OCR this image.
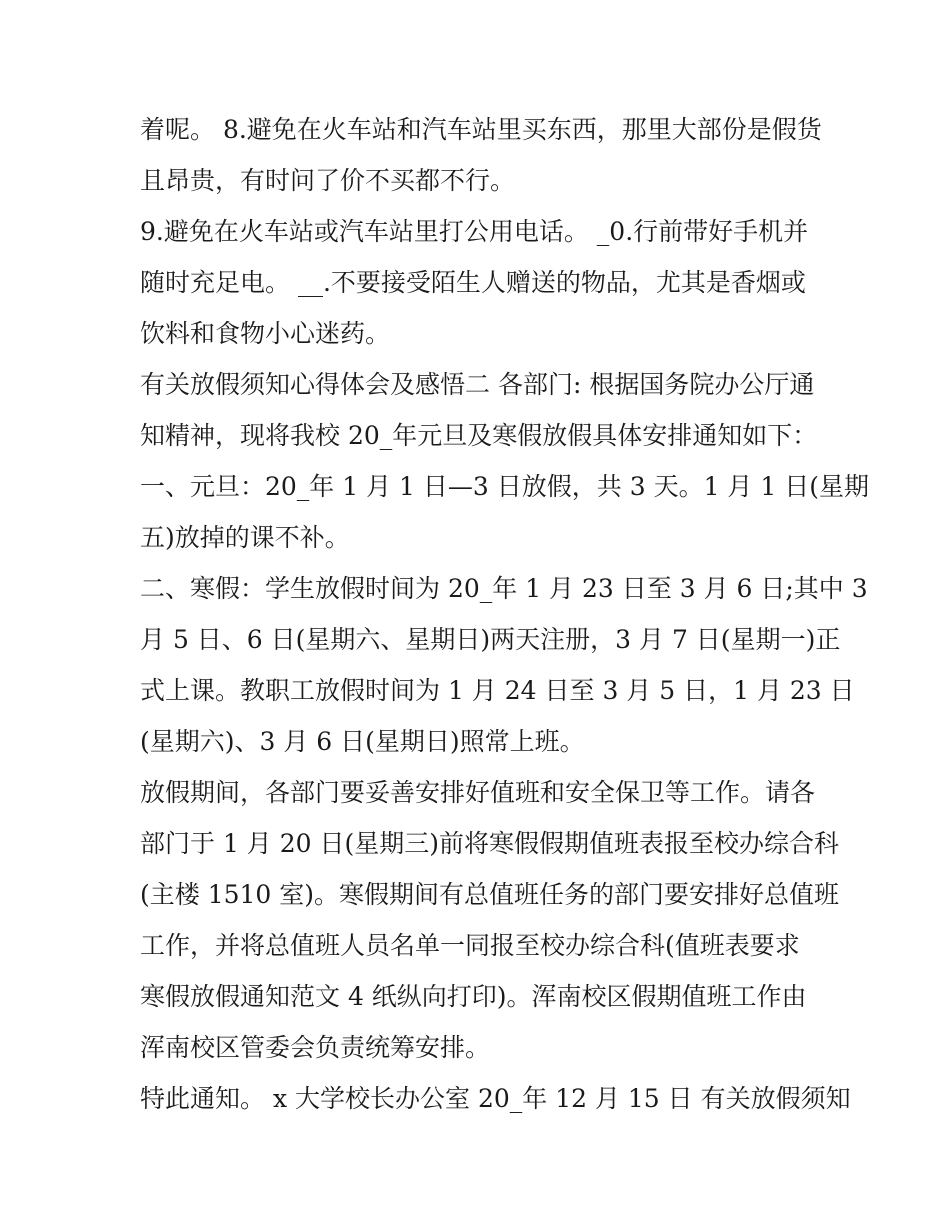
着呢。 8.避免在火车站和汽车站里买东西，那里大部份是假货
且昂贵，有时问了价不买都不行。
9.避免在火车站或汽车站里打公用电话。 _0.行前带好手机并
随时充足电。 __.不要接受陌生人赠送的物品，尤其是香烟或
饮料和食物小心迷药。
有关放假须知心得体会及感悟二 各部门: 根据国务院办公厅通
知精神，现将我校 20_年元旦及寒假放假具体安排通知如下：
一、元旦：20_年 1 月 1 日—3 日放假，共 3 天。1 月 1 日(星期
五)放掉的课不补。
二、寒假：学生放假时间为 20_年 1 月 23 日至 3 月 6 日;其中 3
月 5 日、6 日(星期六、星期日)两天注册，3 月 7 日(星期一)正
式上课。教职工放假时间为 1 月 24 日至 3 月 5 日，1 月 23 日
(星期六)、3 月 6 日(星期日)照常上班。
放假期间，各部门要妥善安排好值班和安全保卫等工作。请各
部门于 1 月 20 日(星期三)前将寒假假期值班表报至校办综合科
(主楼 1510 室)。寒假期间有总值班任务的部门要安排好总值班
工作，并将总值班人员名单一同报至校办综合科(值班表要求
寒假放假通知范文 4 纸纵向打印)。浑南校区假期值班工作由
浑南校区管委会负责统筹安排。
特此通知。 x 大学校长办公室 20_年 12 月 15 日 有关放假须知
